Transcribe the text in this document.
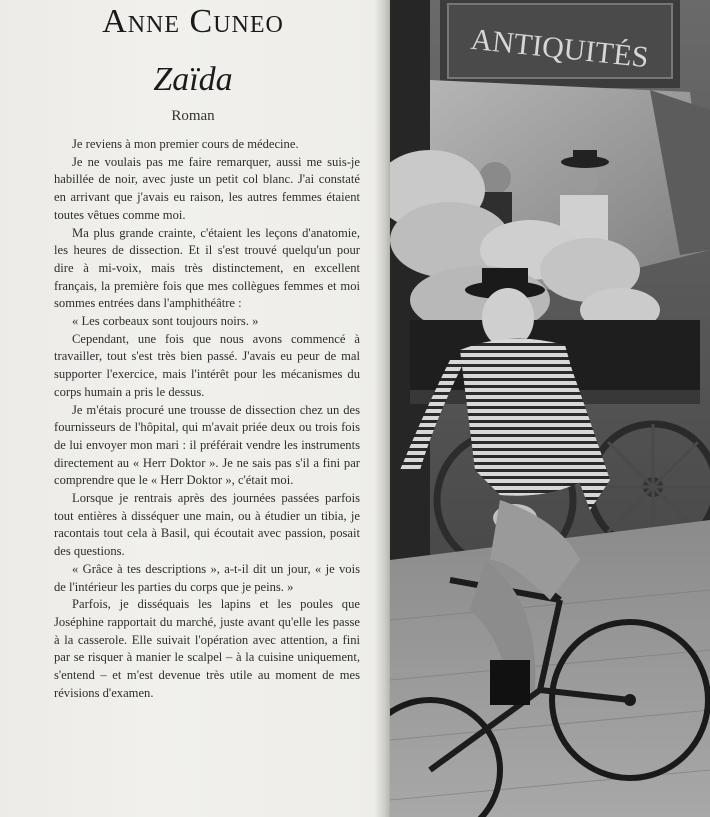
Anne Cuneo
Zaïda
Roman

Je reviens à mon premier cours de médecine.

Je ne voulais pas me faire remarquer, aussi me suis-je habillée de noir, avec juste un petit col blanc. J'ai constaté en arrivant que j'avais eu raison, les autres femmes étaient toutes vêtues comme moi.

Ma plus grande crainte, c'étaient les leçons d'anatomie, les heures de dissection. Et il s'est trouvé quelqu'un pour dire à mi-voix, mais très distinctement, en excellent français, la première fois que mes collègues femmes et moi sommes entrées dans l'amphithéâtre :

« Les corbeaux sont toujours noirs. »

Cependant, une fois que nous avons commencé à travailler, tout s'est très bien passé. J'avais eu peur de mal supporter l'exercice, mais l'intérêt pour les mécanismes du corps humain a pris le dessus.

Je m'étais procuré une trousse de dissection chez un des fournisseurs de l'hôpital, qui m'avait priée deux ou trois fois de lui envoyer mon mari : il préférait vendre les instruments directement au « Herr Doktor ». Je ne sais pas s'il a fini par comprendre que le « Herr Doktor », c'était moi.

Lorsque je rentrais après des journées passées parfois tout entières à disséquer une main, ou à étudier un tibia, je racontais tout cela à Basil, qui écoutait avec passion, posait des questions.

« Grâce à tes descriptions », a-t-il dit un jour, « je vois de l'intérieur les parties du corps que je peins. »

Parfois, je disséquais les lapins et les poules que Joséphine rapportait du marché, juste avant qu'elle les passe à la casserole. Elle suivait l'opération avec attention, a fini par se risquer à manier le scalpel – à la cuisine uniquement, s'entend – et m'est devenue très utile au moment de mes révisions d'examen.

ANTIQUITÉS
